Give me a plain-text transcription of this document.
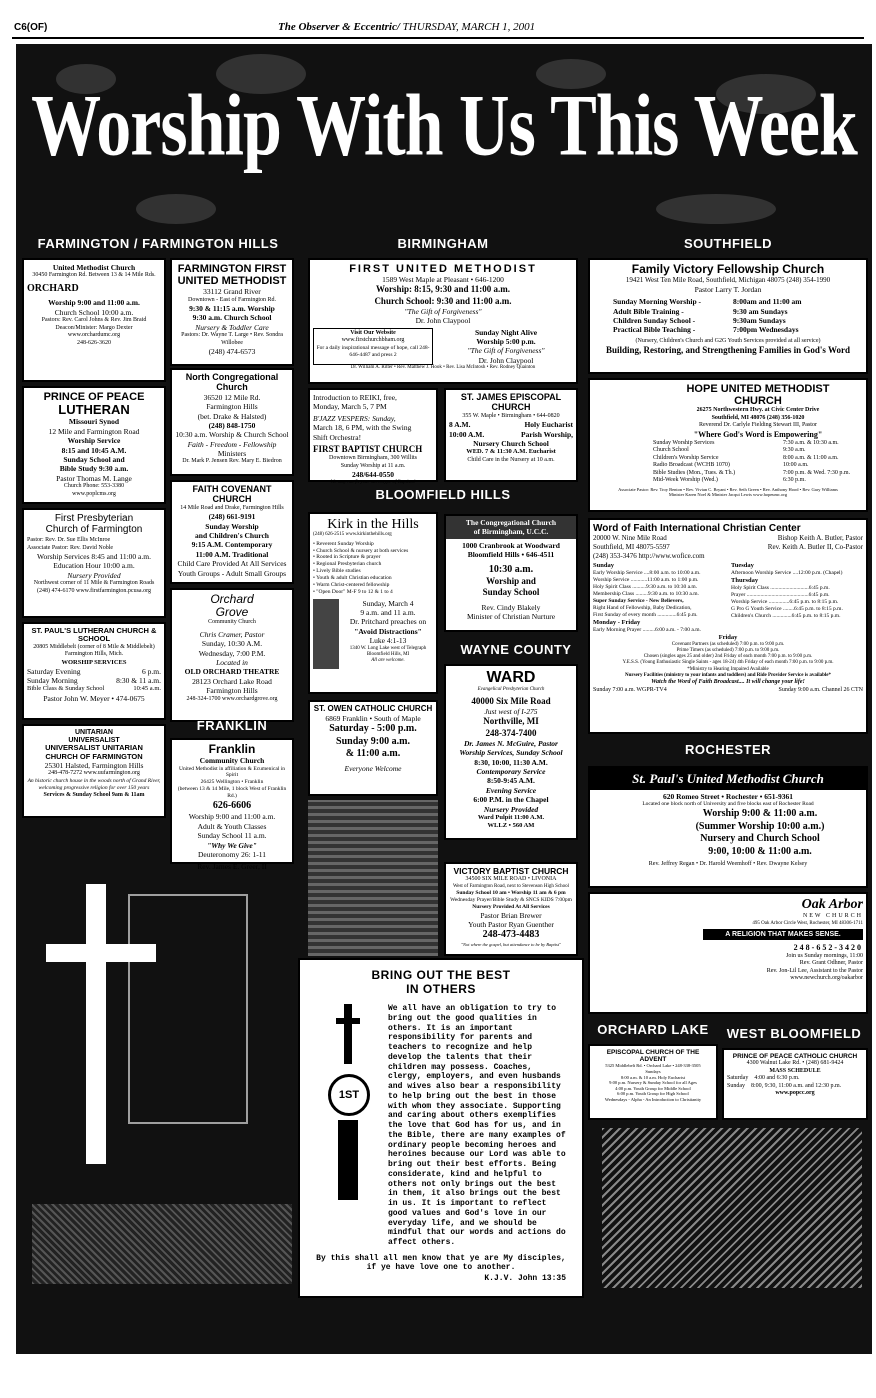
C6(OF)	The Observer & Eccentric/ THURSDAY, MARCH 1, 2001
Worship With Us This Week
FARMINGTON / FARMINGTON HILLS	BIRMINGHAM	SOUTHFIELD
BLOOMFIELD HILLS
WAYNE COUNTY
FRANKLIN
ROCHESTER
ORCHARD LAKE	WEST BLOOMFIELD
United Methodist Church
30450 Farmington Rd. Between 13 & 14 Mile Rds.
ORCHARD
Worship 9:00 and 11:00 a.m.
Church School 10:00 a.m.
Pastors: Rev. Carol Johns & Rev. Jim Braid
Deacon/Minister: Margo Dexter
www.orchardumc.org
248-626-3620
FARMINGTON FIRST UNITED METHODIST
33112 Grand River
Downtown - East of Farmington Rd.
9:30 & 11:15 a.m. Worship
9:30 a.m. Church School
Nursery & Toddler Care
Pastors: Dr. Wayne T. Large • Rev. Sondra Willobee
(248) 474-6573
PRINCE OF PEACE
LUTHERAN
Missouri Synod
12 Mile and Farmington Road
Worship Service
8:15 and 10:45 A.M.
Sunday School and
Bible Study 9:30 a.m.
Pastor Thomas M. Lange
Church Phone: 553-3380
www.poplcms.org
North Congregational Church
36520 12 Mile Rd.
Farmington Hills
(bet. Drake & Halsted)
(248) 848-1750
10:30 a.m. Worship & Church School
Faith - Freedom - Fellowship
Ministers
Dr. Mark P. Jensen Rev. Mary E. Biedron
FAITH COVENANT CHURCH
14 Mile Road and Drake, Farmington Hills
(248) 661-9191
Sunday Worship
and Children's Church
9:15 A.M. Contemporary
11:00 A.M. Traditional
Child Care Provided At All Services
Youth Groups - Adult Small Groups
First Presbyterian
Church of Farmington
Pastor: Rev. Dr. Sue Ellis McInroe
Associate Pastor: Rev. David Noble
Worship Services 8:45 and 11:00 a.m.
Education Hour 10:00 a.m.
Nursery Provided
Northwest corner of 11 Mile & Farmington Roads
(248) 474-6170 www.firstfarmington.pcusa.org
Orchard
Grove
Community Church
Chris Cramer, Pastor
Sunday, 10:30 A.M.
Wednesday, 7:00 P.M.
Located in
OLD ORCHARD THEATRE
28123 Orchard Lake Road
Farmington Hills
248-324-1700 www.orchardgrove.org
ST. PAUL'S LUTHERAN CHURCH & SCHOOL
20805 Middlebelt (corner of 8 Mile & Middlebelt)
Farmington Hills, Mich.
WORSHIP SERVICES
Saturday Evening	6 p.m.
Sunday Morning	8:30 & 11 a.m.
Bible Class & Sunday School	10:45 a.m.
Pastor John W. Meyer • 474-0675
UNITARIAN
UNIVERSALIST
UNIVERSALIST UNITARIAN
CHURCH OF FARMINGTON
25301 Halsted, Farmington Hills
248-478-7272 www.uufarmington.org
An historic church house in the woods north of Grand River, welcoming progressive religion for over 150 years
Services & Sunday School 9am & 11am
Franklin
Community Church
United Methodist in affiliation & Ecumenical in Spirit
26425 Wellington • Franklin
(between 13 & 14 Mile, 1 block West of Franklin Rd.)
626-6606
Worship 9:00 and 11:00 a.m.
Adult & Youth Classes
Sunday School 11 a.m.
"Why We Give"
Deuteronomy 26: 1-11
Rev. James E. Greer, II
FIRST UNITED METHODIST
1589 West Maple at Pleasant • 646-1200
Worship: 8:15, 9:30 and 11:00 a.m.
Church School: 9:30 and 11:00 a.m.
"The Gift of Forgiveness"
Dr. John Claypool
Visit Our Website
www.firstchurchbham.org
For a daily inspirational message of hope, call 248-646-4487 and press 2
Sunday Night Alive
Worship 5:00 p.m.
"The Gift of Forgiveness"
Dr. John Claypool
Dr. William A. Ritter • Rev. Matthew J. Hook • Rev. Lisa McIntosh • Rev. Rodney Quainton
Introduction to REIKI, free,
Monday, March 5, 7 PM
B'JAZZ VESPERS: Sunday,
March 18, 6 PM, with the Swing
Shift Orchestra!
FIRST BAPTIST CHURCH
Downtown Birmingham, 300 Willits
Sunday Worship at 11 a.m.
248/644-0550
We may not fit your stereotype of Baptists!
ST. JAMES EPISCOPAL
CHURCH
355 W. Maple • Birmingham • 644-0820
8 A.M.	Holy Eucharist
10:00 A.M.	Parish Worship,
Nursery Church School
WED. 7 & 11:30 A.M. Eucharist
Child Care in the Nursery at 10 a.m.
Kirk in the Hills
(248) 626-2515 www.kirkinthehills.org
• Reverent Sunday Worship
• Church School & nursery at both services
• Rooted in Scripture & prayer
• Regional Presbyterian church
• Lively Bible studies
• Youth & adult Christian education
• Warm Christ-centered fellowship
• "Open Door" M-F 9 to 12 & 1 to 4
Sunday, March 4
9 a.m. and 11 a.m.
Dr. Pritchard preaches on
"Avoid Distractions"
Luke 4:1-13
1340 W. Long Lake west of Telegraph Bloomfield Hills, MI
All are welcome.
The Congregational Church
of Birmingham, U.C.C.
1000 Cranbrook at Woodward
Bloomfield Hills • 646-4511
10:30 a.m.
Worship and
Sunday School
Rev. Cindy Blakely
Minister of Christian Nurture
ST. OWEN CATHOLIC CHURCH
6869 Franklin • South of Maple
Saturday - 5:00 p.m.
Sunday 9:00 a.m.
& 11:00 a.m.
Everyone Welcome
WARD
Evangelical Presbyterian Church
40000 Six Mile Road
Just west of I-275
Northville, MI
248-374-7400
Dr. James N. McGuire, Pastor
Worship Services, Sunday School
8:30, 10:00, 11:30 A.M.
Contemporary Service
8:50-9:45 A.M.
Evening Service
6:00 P.M. in the Chapel
Nursery Provided
Ward Pulpit 11:00 A.M.
WLLZ • 560 AM
VICTORY BAPTIST CHURCH
34500 SIX MILE ROAD • LIVONIA
West of Farmington Road, next to Stevenson High School
Sunday School 10 am • Worship 11 am & 6 pm
Wednesday Prayer/Bible Study & SNCS KIDS 7:00pm
Nursery Provided At All Services
Pastor Brian Brewer
Youth Pastor Ryan Guenther
248-473-4483
"Not where the gospel, but attendance to be by Baptist"
BRING OUT THE BEST
IN OTHERS
1ST
We all have an obligation to try to bring out the good qualities in others. It is an important responsibility for parents and teachers to recognize and help develop the talents that their children may possess. Coaches, clergy, employers, and even husbands and wives also bear a responsibility to help bring out the best in those with whom they associate. Supporting and caring about others exemplifies the love that God has for us, and in the Bible, there are many examples of ordinary people becoming heroes and heroines because our Lord was able to bring out their best efforts. Being considerate, kind and helpful to others not only brings out the best in them, it also brings out the best in us. It is important to reflect good values and God's love in our everyday life, and we should be mindful that our words and actions do affect others.
By this shall all men know that ye are My disciples,
if ye have love one to another.
K.J.V. John 13:35
Family Victory Fellowship Church
19421 West Ten Mile Road, Southfield, Michigan 48075 (248) 354-1990
Pastor Larry T. Jordan
Sunday Morning Worship -	8:00am and 11:00 am
Adult Bible Training -	9:30 am Sundays
Children Sunday School -	9:30am Sundays
Practical Bible Teaching -	7:00pm Wednesdays
(Nursery, Children's Church and G2G Youth Services provided at all service)
Building, Restoring, and Strengthening Families in God's Word
HOPE UNITED METHODIST
CHURCH
26275 Northwestern Hwy. at Civic Center Drive
Southfield, MI 48076 (248) 356-1020
Reverend Dr. Carlyle Fielding Stewart III, Pastor
"Where God's Word is Empowering"
Sunday Worship Services	7:30 a.m. & 10:30 a.m.
Church School	9:30 a.m.
Children's Worship Service	8:00 a.m. & 11:00 a.m.
Radio Broadcast (WCHB 1070)	10:00 a.m.
Bible Studies (Mon., Tues. & Th.)	7:00 p.m. & Wed. 7:30 p.m.
Mid-Week Worship (Wed.)	6:30 p.m.
Associate Pastor: Rev. Troy Benton • Rev. Vivian C. Bryant • Rev. Seth Green • Rev. Anthony Hood • Rev. Gary Williams
Minister Karen Noel & Minister Jacqui Lewis www.hopeumc.org
Word of Faith International Christian Center
20000 W. Nine Mile Road	Bishop Keith A. Butler, Pastor
Southfield, MI 48075-5597	Rev. Keith A. Butler II, Co-Pastor
(248) 353-3476 http://www.wofice.com
Sunday
Early Worship Service ....8:00 a.m. to 10:00 a.m.
Worship Service ............11:00 a.m. to 1:00 p.m.
Holy Spirit Class ..........9:30 a.m. to 10:30 a.m.
Membership Class .........9:30 a.m. to 10:30 a.m.
Super Sunday Service - New Believers,
Right Hand of Fellowship, Baby Dedication,
First Sunday of every month ..............6:45 p.m.
Monday - Friday
Early Morning Prayer .........6:00 a.m. - 7:00 a.m.
Tuesday
Afternoon Worship Service ....12:00 p.m. (Chapel)
Thursday
Holy Spirit Class ............................6:45 p.m.
Prayer .............................................6:45 p.m.
Worship Service ...............6:45 p.m. to 8:15 p.m.
G Pro G Youth Service ........6:45 p.m. to 8:15 p.m.
Children's Church ..............6:45 p.m. to 8:15 p.m.
Friday
Covenant Partners (as scheduled) 7:00 p.m. to 9:00 p.m.
Prime Timers (as scheduled) 7:00 p.m. to 9:00 p.m.
Chosen (singles ages 25 and older) 2nd Friday of each month 7:00 p.m. to 9:00 p.m.
Y.E.S.S. (Young Enthusiastic Single Saints - ages 18-24) 4th Friday of each month 7:00 p.m. to 9:00 p.m.
*Ministry to Hearing Impaired Available
Nursery Facilities (ministry to your infants and toddlers) and Ride Provider Service is available*
Watch the Word of Faith Broadcast.... It will change your life!
Sunday 7:00 a.m. WGPR-TV4	Sunday 9:00 a.m. Channel 26 CTN
St. Paul's United Methodist Church
620 Romeo Street • Rochester • 651-9361
Located one block north of University and five blocks east of Rochester Road
Worship 9:00 & 11:00 a.m.
(Summer Worship 10:00 a.m.)
Nursery and Church School
9:00, 10:00 & 11:00 a.m.
Rev. Jeffrey Regan • Dr. Harold Weemhoff • Rev. Dwayne Kelsey
Oak Arbor
NEW CHURCH
495 Oak Arbor Circle West, Rochester, MI 48306-1711
A RELIGION THAT MAKES SENSE.
248-652-3420
Join us Sunday mornings, 11:00
Rev. Grant Odhner, Pastor
Rev. Jon-Lil Lee, Assistant to the Pastor
www.newchurch.org/oakarbor
EPISCOPAL CHURCH OF THE ADVENT
5325 Middlebelt Rd. • Orchard Lake • 248-338-3505
Sundays
8:00 a.m. & 10 a.m. Holy Eucharist
9:00 p.m. Nursery & Sunday School for all Ages
4:00 p.m. Youth Group for Middle School
6:00 p.m. Youth Group for High School
Wednesdays - Alpha - An Introduction to Christianity
PRINCE OF PEACE CATHOLIC CHURCH
4300 Walnut Lake Rd. • (248) 681-9424
MASS SCHEDULE
Saturday 4:00 and 6:30 p.m.
Sunday 8:00, 9:30, 11:00 a.m. and 12:30 p.m.
www.popcc.org
